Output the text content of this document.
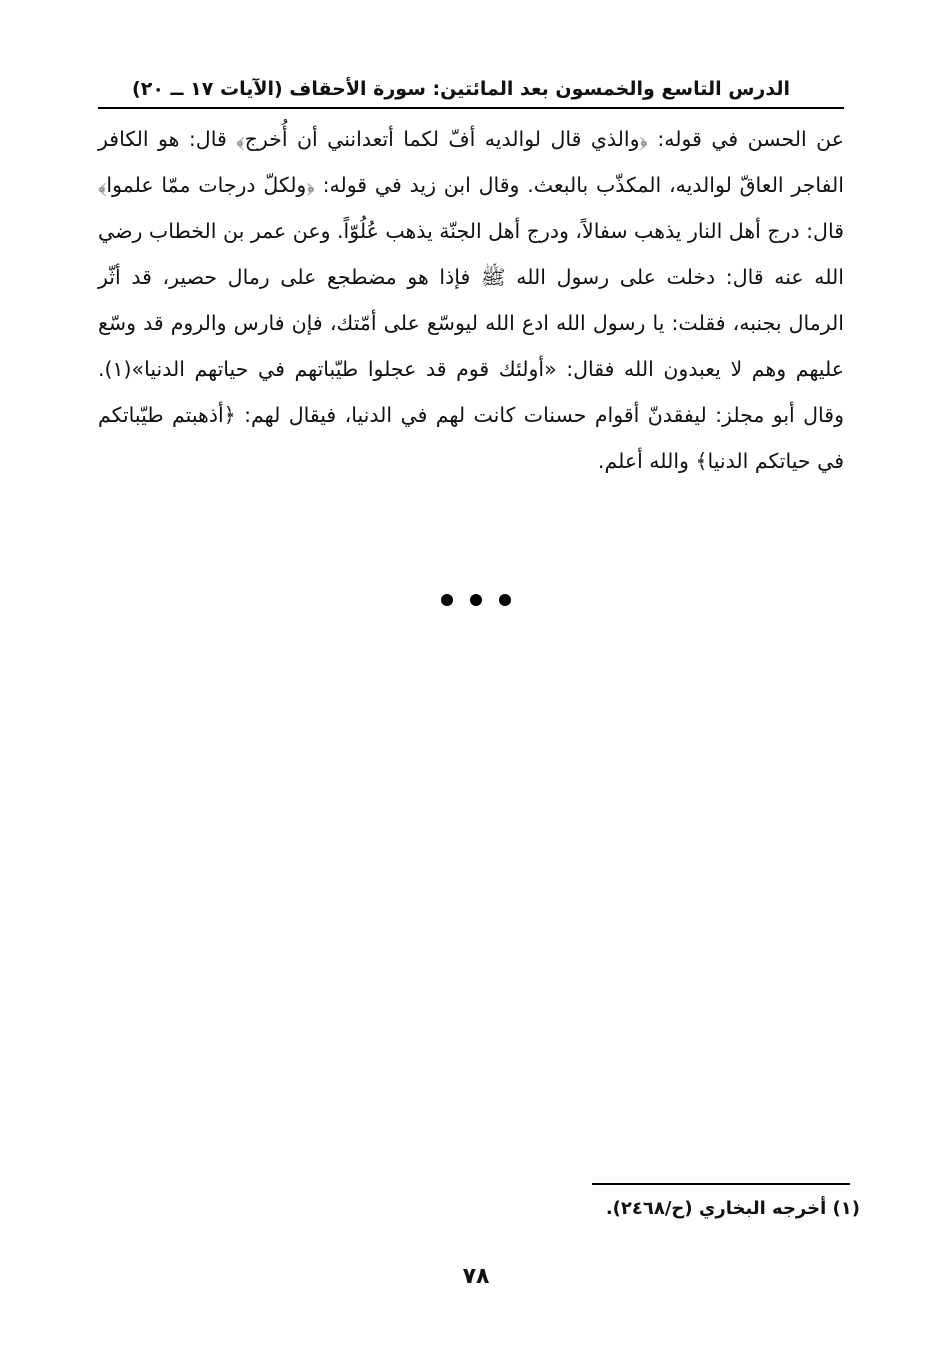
الدرس التاسع والخمسون بعد المائتين: سورة الأحقاف (الآيات ١٧ ــ ٢٠)

عن الحسن في قوله: ﴿والذي قال لوالديه أفّ لكما أتعدانني أن أُخرج﴾ قال: هو الكافر الفاجر العاقّ لوالديه، المكذّب بالبعث. وقال ابن زيد في قوله: ﴿ولكلّ درجات ممّا علموا﴾ قال: درج أهل النار يذهب سفالاً، ودرج أهل الجنّة يذهب عُلُوّاً. وعن عمر بن الخطاب رضي الله عنه قال: دخلت على رسول الله ﷺ فإذا هو مضطجع على رمال حصير، قد أثّر الرمال بجنبه، فقلت: يا رسول الله ادع الله ليوسّع على أمّتك، فإن فارس والروم قد وسّع عليهم وهم لا يعبدون الله فقال: «أولئك قوم قد عجلوا طيّباتهم في حياتهم الدنيا»(١). وقال أبو مجلز: ليفقدنّ أقوام حسنات كانت لهم في الدنيا، فيقال لهم: ﴿أذهبتم طيّباتكم في حياتكم الدنيا﴾ والله أعلم.

(١) أخرجه البخاري (ح/٢٤٦٨).
٧٨
